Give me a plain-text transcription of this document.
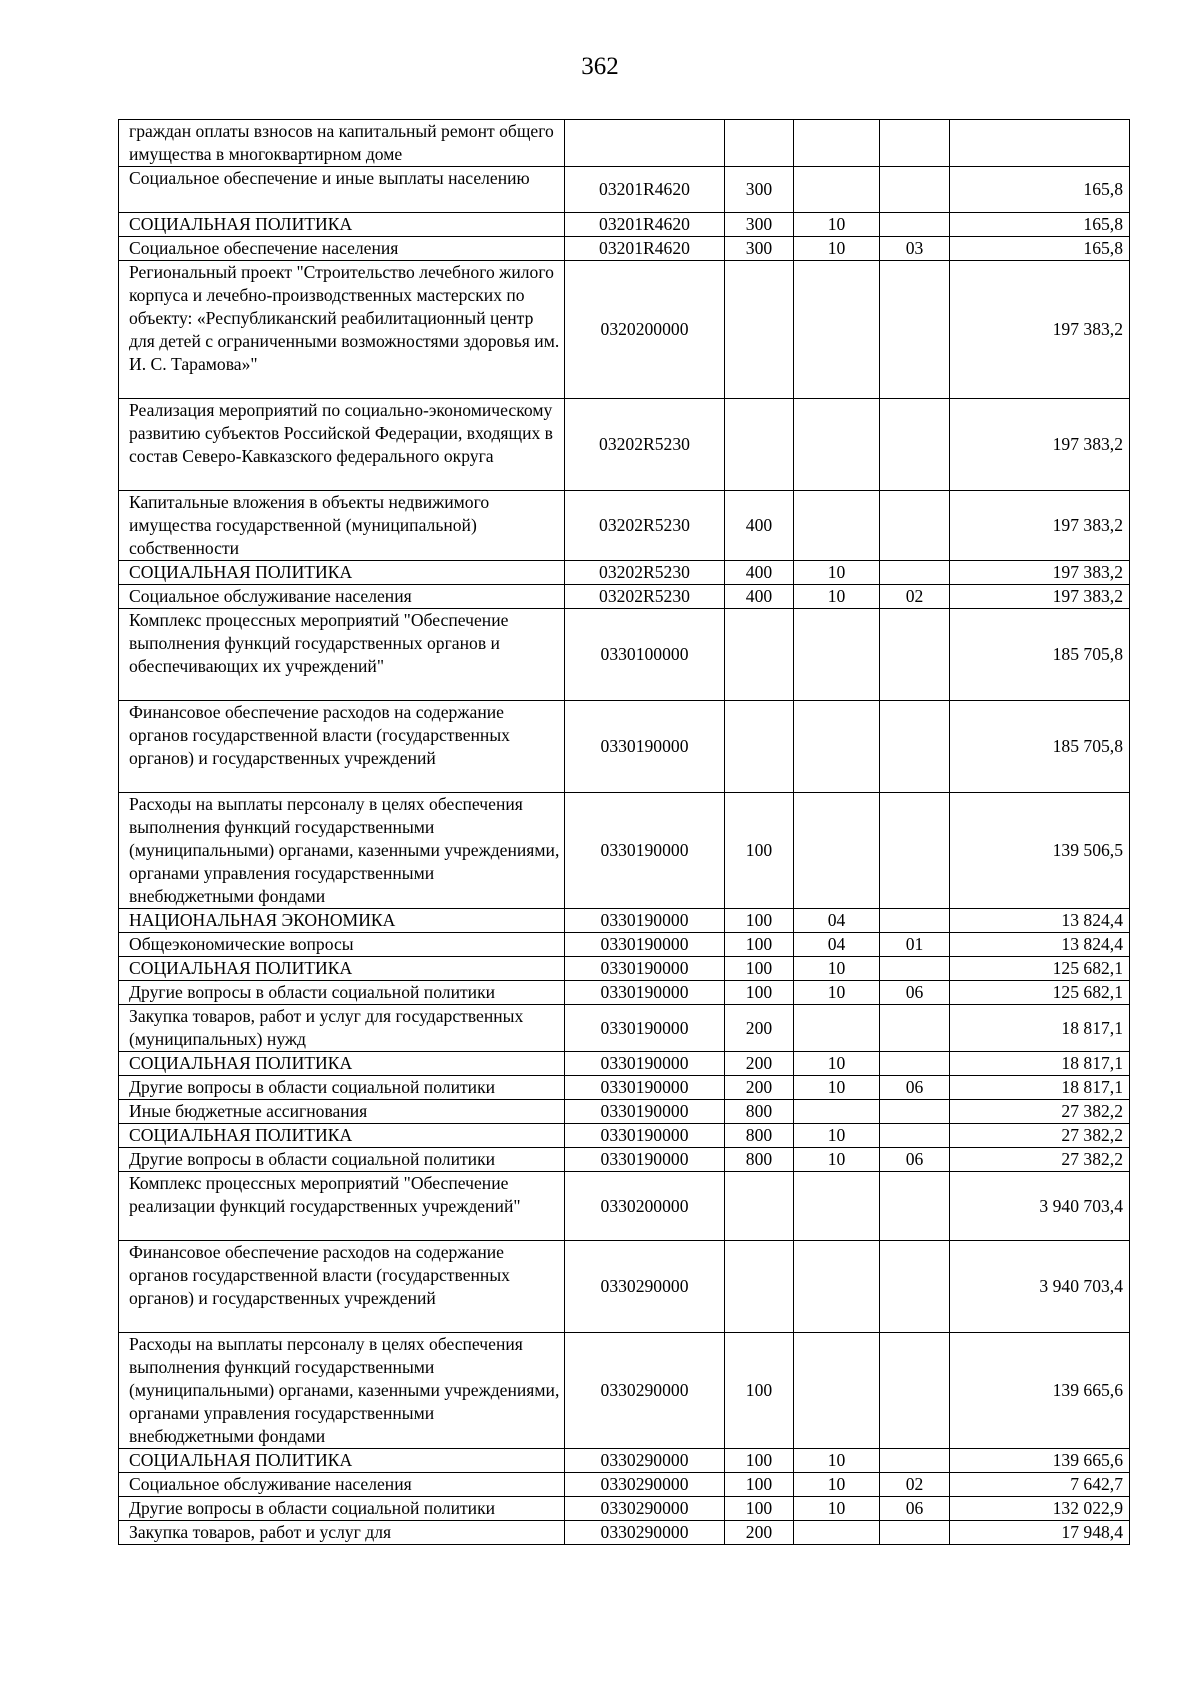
362
граждан оплаты взносов на капитальный ремонт общего имущества в многоквартирном доме					
Социальное обеспечение и иные выплаты населению	03201R4620	300			165,8
СОЦИАЛЬНАЯ ПОЛИТИКА	03201R4620	300	10		165,8
Социальное обеспечение населения	03201R4620	300	10	03	165,8
Региональный проект "Строительство лечебного жилого корпуса и лечебно-производственных мастерских по объекту: «Республиканский реабилитационный центр для детей с ограниченными возможностями здоровья им. И. С. Тарамова»"	0320200000				197 383,2
Реализация мероприятий по социально-экономическому развитию субъектов Российской Федерации, входящих в состав Северо-Кавказского федерального округа	03202R5230				197 383,2
Капитальные вложения в объекты недвижимого имущества государственной (муниципальной) собственности	03202R5230	400			197 383,2
СОЦИАЛЬНАЯ ПОЛИТИКА	03202R5230	400	10		197 383,2
Социальное обслуживание населения	03202R5230	400	10	02	197 383,2
Комплекс процессных мероприятий "Обеспечение выполнения функций государственных органов и обеспечивающих их учреждений"	0330100000				185 705,8
Финансовое обеспечение расходов на содержание органов государственной власти (государственных органов) и государственных учреждений	0330190000				185 705,8
Расходы на выплаты персоналу в целях обеспечения выполнения функций государственными (муниципальными) органами, казенными учреждениями, органами управления государственными внебюджетными фондами	0330190000	100			139 506,5
НАЦИОНАЛЬНАЯ ЭКОНОМИКА	0330190000	100	04		13 824,4
Общеэкономические вопросы	0330190000	100	04	01	13 824,4
СОЦИАЛЬНАЯ ПОЛИТИКА	0330190000	100	10		125 682,1
Другие вопросы в области социальной политики	0330190000	100	10	06	125 682,1
Закупка товаров, работ и услуг для государственных (муниципальных) нужд	0330190000	200			18 817,1
СОЦИАЛЬНАЯ ПОЛИТИКА	0330190000	200	10		18 817,1
Другие вопросы в области социальной политики	0330190000	200	10	06	18 817,1
Иные бюджетные ассигнования	0330190000	800			27 382,2
СОЦИАЛЬНАЯ ПОЛИТИКА	0330190000	800	10		27 382,2
Другие вопросы в области социальной политики	0330190000	800	10	06	27 382,2
Комплекс процессных мероприятий "Обеспечение реализации функций государственных учреждений"	0330200000				3 940 703,4
Финансовое обеспечение расходов на содержание органов государственной власти (государственных органов) и государственных учреждений	0330290000				3 940 703,4
Расходы на выплаты персоналу в целях обеспечения выполнения функций государственными (муниципальными) органами, казенными учреждениями, органами управления государственными внебюджетными фондами	0330290000	100			139 665,6
СОЦИАЛЬНАЯ ПОЛИТИКА	0330290000	100	10		139 665,6
Социальное обслуживание населения	0330290000	100	10	02	7 642,7
Другие вопросы в области социальной политики	0330290000	100	10	06	132 022,9
Закупка товаров, работ и услуг для	0330290000	200			17 948,4
